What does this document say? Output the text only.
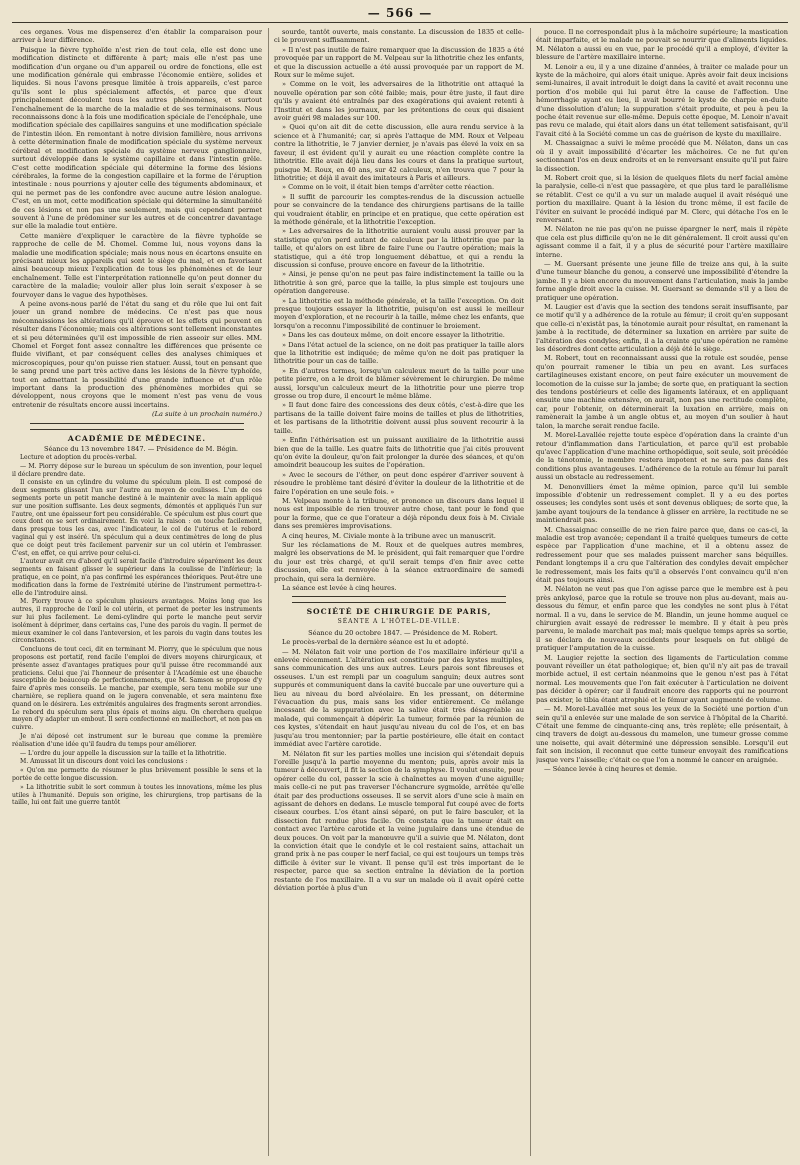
— 566 —

ces organes. Vous me dispenserez d'en établir la comparaison pour arriver à leur différence.

Puisque la fièvre typhoïde n'est rien de tout cela, elle est donc une modification distincte et différente à part; mais elle n'est pas une modification d'un organe ou d'un appareil ou ordre de fonctions, elle est une modification générale qui embrasse l'économie entière, solides et liquides. Si nous l'avons presque limitée à trois appareils, c'est parce qu'ils sont le plus spécialement affectés, et parce que d'eux principalement découlent tous les autres phénomènes, et surtout l'enchaînement de la marche de la maladie et de ses terminaisons. Nous reconnaissons donc à la fois une modification spéciale de l'encéphale, une modification spéciale des capillaires sanguins et une modification spéciale de l'intestin iléon. En remontant à notre division familière, nous arrivons à cette détermination finale de modification spéciale du système nerveux cérébral et modification spéciale du système nerveux ganglionnaire, surtout développée dans le système capillaire et dans l'intestin grêle. C'est cette modification spéciale qui détermine la forme des lésions cérébrales, la forme de la congestion capillaire et la forme de l'éruption intestinale : nous pourrions y ajouter celle des téguments abdominaux, et qui ne permet pas de les confondre avec aucune autre lésion analogue. C'est, en un mot, cette modification spéciale qui détermine la simultanéité de ces lésions et non pas une seulement, mais qui cependant permet souvent à l'une de prédominer sur les autres et de concentrer davantage sur elle la maladie tout entière.

Cette manière d'expliquer le caractère de la fièvre typhoïde se rapproche de celle de M. Chomel. Comme lui, nous voyons dans la maladie une modification spéciale; mais nous nous en écartons ensuite en précisant mieux les appareils qui sont le siège du mal, et en favorisant ainsi beaucoup mieux l'explication de tous les phénomènes et de leur enchaînement. Telle est l'interprétation rationnelle qu'on peut donner du caractère de la maladie; vouloir aller plus loin serait s'exposer à se fourvoyer dans le vague des hypothèses.

A peine avons-nous parlé de l'état du sang et du rôle que lui ont fait jouer un grand nombre de médecins. Ce n'est pas que nous méconnaissions les altérations qu'il éprouve et les effets qui peuvent en résulter dans l'économie; mais ces altérations sont tellement inconstantes et si peu déterminées qu'il est impossible de rien asseoir sur elles. MM. Chomel et Forget font assez connaître les différences que présente ce fluide vivifiant, et par conséquent celles des analyses chimiques et microscopiques, pour qu'on puisse rien statuer. Aussi, tout en pensant que le sang prend une part très active dans les lésions de la fièvre typhoïde, tout en admettant la possibilité d'une grande influence et d'un rôle important dans la production des phénomènes morbides qui se développent, nous croyons que le moment n'est pas venu de vous entretenir de résultats encore aussi incertains.

(La suite à un prochain numéro.)

ACADÉMIE DE MÉDECINE.

Séance du 13 novembre 1847. — Présidence de M. Bégin.

Lecture et adoption du procès-verbal.

— M. Piorry dépose sur le bureau un spéculum de son invention, pour lequel il déclare prendre date.

Il consiste en un cylindre du volume du spéculum plein. Il est composé de deux segments glissant l'un sur l'autre au moyen de coulisses. L'un de ces segments porte un petit manche destiné à le maintenir avec la main appliqué sur une position suffisante. Les deux segments, démontés et appliqués l'un sur l'autre, ont une épaisseur fort peu considérable. Ce spéculum est plus court que ceux dont on se sert ordinairement. En voici la raison : on touche facilement, dans presque tous les cas, avec l'indicateur, le col de l'utérus et le rebord vaginal qui y est inséré. Un spéculum qui a deux centimètres de long de plus que ce doigt peut très facilement parvenir sur un col utérin et l'embrasser. C'est, en effet, ce qui arrive pour celui-ci.

L'auteur avait cru d'abord qu'il serait facile d'introduire séparément les deux segments en faisant glisser le supérieur dans la coulisse de l'inférieur; la pratique, en ce point, n'a pas confirmé les espérances théoriques. Peut-être une modification dans la forme de l'extrémité utérine de l'instrument permettra-t-elle de l'introduire ainsi.

M. Piorry trouve à ce spéculum plusieurs avantages. Moins long que les autres, il rapproche de l'œil le col utérin, et permet de porter les instruments sur lui plus facilement. Le demi-cylindre qui porte le manche peut servir isolément à déprimer, dans certains cas, l'une des parois du vagin. Il permet de mieux examiner le col dans l'anteversion, et les parois du vagin dans toutes les circonstances.

Concluons de tout ceci, dit en terminant M. Piorry, que le spéculum que nous proposons est portatif, rend facile l'emploi de divers moyens chirurgicaux, et présente assez d'avantages pratiques pour qu'il puisse être recommandé aux praticiens. Celui que j'ai l'honneur de présenter à l'Académie est une ébauche susceptible de beaucoup de perfectionnements, que M. Samson se propose d'y faire d'après mes conseils. Le manche, par exemple, sera tenu mobile sur une charnière, se repliera quand on le jugera convenable, et sera maintenu fixe quand on le désirera. Les extrémités angulaires des fragments seront arrondies. Le rebord du spéculum sera plus épais et moins aigu. On cherchera quelque moyen d'y adapter un embout. Il sera confectionné en maillechort, et non pas en cuivre.

Je n'ai déposé cet instrument sur le bureau que comme la première réalisation d'une idée qu'il faudra du temps pour améliorer.

— L'ordre du jour appelle la discussion sur la taille et la lithotritie.

M. Amussat lit un discours dont voici les conclusions :

« Qu'on me permette de résumer le plus brièvement possible le sens et la portée de cette longue discussion.

» La lithotritie subit le sort commun à toutes les innovations, même les plus utiles à l'humanité. Depuis son origine, les chirurgiens, trop partisans de la taille, lui ont fait une guerre tantôt

sourde, tantôt ouverte, mais constante. La discussion de 1835 et celle-ci le prouvent suffisamment.

» Il n'est pas inutile de faire remarquer que la discussion de 1835 a été provoquée par un rapport de M. Velpeau sur la lithotritie chez les enfants, et que la discussion actuelle a été aussi provoquée par un rapport de M. Roux sur le même sujet.

» Comme on le voit, les adversaires de la lithotritie ont attaqué la nouvelle opération par son côté faible; mais, pour être juste, il faut dire qu'ils y avaient été entraînés par des exagérations qui avaient retenti à l'Institut et dans les journaux, par les prétentions de ceux qui disaient avoir guéri 98 malades sur 100.

» Quoi qu'on ait dit de cette discussion, elle aura rendu service à la science et à l'humanité; car, si après l'attaque de MM. Roux et Velpeau contre la lithotritie, le 7 janvier dernier, je n'avais pas élevé la voix en sa faveur, il est évident qu'il y aurait eu une réaction complète contre la lithotritie. Elle avait déjà lieu dans les cours et dans la pratique surtout, puisque M. Roux, en 40 ans, sur 42 calculeux, n'en trouva que 7 pour la lithotritie; et déjà il avait des imitateurs à Paris et ailleurs.

» Comme on le voit, il était bien temps d'arrêter cette réaction.

» Il suffit de parcourir les comptes-rendus de la discussion actuelle pour se convaincre de la tendance des chirurgiens partisans de la taille qui voudraient établir, en principe et en pratique, que cette opération est la méthode générale, et la lithotritie l'exception.

» Les adversaires de la lithotritie auraient voulu aussi prouver par la statistique qu'on perd autant de calculeux par la lithotritie que par la taille, et qu'alors on est libre de faire l'une ou l'autre opération; mais la statistique, qui a été trop longuement débattue, et qui a rendu la discussion si confuse, prouve encore en faveur de la lithotritie.

» Ainsi, je pense qu'on ne peut pas faire indistinctement la taille ou la lithotritie à son gré, parce que la taille, la plus simple est toujours une opération dangereuse.

» La lithotritie est la méthode générale, et la taille l'exception. On doit presque toujours essayer la lithotritie, puisqu'on est aussi le meilleur moyen d'exploration, et ne recourir à la taille, même chez les enfants, que lorsqu'on a reconnu l'impossibilité de continuer le broiement.

» Dans les cas douteux même, on doit encore essayer la lithotritie.

» Dans l'état actuel de la science, on ne doit pas pratiquer la taille alors que la lithotritie est indiquée; de même qu'on ne doit pas pratiquer la lithotritie pour un cas de taille.

» En d'autres termes, lorsqu'un calculeux meurt de la taille pour une petite pierre, on a le droit de blâmer sévèrement le chirurgien. De même aussi, lorsqu'un calculeux meurt de la lithotritie pour une pierre trop grosse ou trop dure, il encourt le même blâme.

» Il faut donc faire des concessions des deux côtés, c'est-à-dire que les partisans de la taille doivent faire moins de tailles et plus de lithotrities, et les partisans de la lithotritie doivent aussi plus souvent recourir à la taille.

» Enfin l'éthérisation est un puissant auxiliaire de la lithotritie aussi bien que de la taille. Les quatre faits de lithotritie que j'ai cités prouvent qu'on évite la douleur, qu'on fait prolonger la durée des séances, et qu'on amoindrit beaucoup les suites de l'opération.

» Avec le secours de l'éther, on peut donc espérer d'arriver souvent à résoudre le problème tant désiré d'éviter la douleur de la lithotritie et de faire l'opération en une seule fois. »

M. Velpeau monte à la tribune, et prononce un discours dans lequel il nous est impossible de rien trouver autre chose, tant pour le fond que pour la forme, que ce que l'orateur a déjà répondu deux fois à M. Civiale dans ses premières improvisations.

A cinq heures, M. Civiale monte à la tribune avec un manuscrit.

Sur les réclamations de M. Roux et de quelques autres membres, malgré les observations de M. le président, qui fait remarquer que l'ordre du jour est très chargé, et qu'il serait temps d'en finir avec cette discussion, elle est renvoyée à la séance extraordinaire de samedi prochain, qui sera la dernière.

La séance est levée à cinq heures.

SOCIÉTÉ DE CHIRURGIE DE PARIS,
SÉANTE A L'HÔTEL-DE-VILLE.

Séance du 20 octobre 1847. — Présidence de M. Robert.

Le procès-verbal de la dernière séance est lu et adopté.

— M. Nélaton fait voir une portion de l'os maxillaire inférieur qu'il a enlevée récemment. L'altération est constituée par des kystes multiples, sans communication des uns aux autres. Leurs parois sont fibreuses et osseuses. L'un est rempli par un coagulum sanguin; deux autres sont suppurés et communiquent dans la cavité buccale par une ouverture qui a lieu au niveau du bord alvéolaire. En les pressant, on détermine l'évacuation du pus, mais sans les vider entièrement. Ce mélange incessant de la suppuration avec la salive était très désagréable au malade, qui commençait à dépérir. La tumeur, formée par la réunion de ces kystes, s'étendait en haut jusqu'au niveau du col de l'os, et en bas jusqu'au trou mentonnier; par la partie postérieure, elle était en contact immédiat avec l'artère carotide.

M. Nélaton fit sur les parties molles une incision qui s'étendait depuis l'oreille jusqu'à la partie moyenne du menton; puis, après avoir mis la tumeur à découvert, il fit la section de la symphyse. Il voulut ensuite, pour opérer celle du col, passer la scie à chaînettes au moyen d'une aiguille; mais celle-ci ne put pas traverser l'échancrure sygmoïde, arrêtée qu'elle était par des productions osseuses. Il se servit alors d'une scie à main en agissant de dehors en dedans. Le muscle temporal fut coupé avec de forts ciseaux courbes. L'os étant ainsi séparé, on put le faire basculer, et la dissection fut rendue plus facile. On constata que la tumeur était en contact avec l'artère carotide et la veine jugulaire dans une étendue de deux pouces. On voit par la manœuvre qu'il a suivie que M. Nélaton, dont la conviction était que le condyle et le col restaient sains, attachait un grand prix à ne pas couper le nerf facial, ce qui est toujours un temps très difficile à éviter sur le vivant. Il pense qu'il est très important de le respecter, parce que sa section entraîne la déviation de la portion restante de l'os maxillaire. Il a vu sur un malade où il avait opéré cette déviation portée à plus d'un

pouce. Il ne correspondait plus à la mâchoire supérieure; la mastication était imparfaite, et le malade ne pouvait se nourrir que d'aliments liquides. M. Nélaton a aussi eu en vue, par le procédé qu'il a employé, d'éviter la blessure de l'artère maxillaire interne.

M. Lenoir a eu, il y a une dizaine d'années, à traiter ce malade pour un kyste de la mâchoire, qui alors était unique. Après avoir fait deux incisions semi-lunaires, il avait introduit le doigt dans la cavité et avait reconnu une portion d'os mobile qui lui parut être la cause de l'affection. Une hémorrhagie ayant eu lieu, il avait bourré le kyste de charpie en-duite d'une dissolution d'alun; la suppuration s'était produite, et peu à peu la poche était revenue sur elle-même. Depuis cette époque, M. Lenoir n'avait pas revu ce malade, qui était alors dans un état tellement satisfaisant, qu'il l'avait cité à la Société comme un cas de guérison de kyste du maxillaire.

M. Chassaignac a suivi le même procédé que M. Nélaton, dans un cas où il y avait impossibilité d'écarter les mâchoires. Ce ne fut qu'en sectionnant l'os en deux endroits et en le renversant ensuite qu'il put faire la dissection.

M. Robert croit que, si la lésion de quelques filets du nerf facial amène la paralysie, celle-ci n'est que passagère, et que plus tard le parallélisme se rétablit. C'est ce qu'il a vu sur un malade auquel il avait réséqué une portion du maxillaire. Quant à la lésion du tronc même, il est facile de l'éviter en suivant le procédé indiqué par M. Clerc, qui détache l'os en le renversant.

M. Nélaton ne nie pas qu'on ne puisse épargner le nerf, mais il répète que cela est plus difficile qu'on ne le dit généralement. Il croit aussi qu'en agissant comme il a fait, il y a plus de sécurité pour l'artère maxillaire interne.

— M. Guersant présente une jeune fille de treize ans qui, à la suite d'une tumeur blanche du genou, a conservé une impossibilité d'étendre la jambe. Il y a bien encore du mouvement dans l'articulation, mais la jambe forme angle droit avec la cuisse. M. Guersant se demande s'il y a lieu de pratiquer une opération.

M. Laugier est d'avis que la section des tendons serait insuffisante, par ce motif qu'il y a adhérence de la rotule au fémur; il croit qu'en supposant que celle-ci n'existât pas, la ténotomie aurait pour résultat, en ramenant la jambe à la rectitude, de déterminer sa luxation en arrière par suite de l'altération des condyles; enfin, il a la crainte qu'une opération ne ramène les désordres dont cette articulation a déjà été le siège.

M. Robert, tout en reconnaissant aussi que la rotule est soudée, pense qu'on pourrait ramener le tibia un peu en avant. Les surfaces cartilagineuses existant encore, on peut faire exécuter un mouvement de locomotion de la cuisse sur la jambe; de sorte que, en pratiquant la section des tendons postérieurs et celle des ligaments latéraux, et en appliquant ensuite une machine extensive, on aurait, non pas une rectitude complète, car, pour l'obtenir, on déterminerait la luxation en arrière, mais on ramènerait la jambe à un angle obtus et, au moyen d'un soulier à haut talon, la marche serait rendue facile.

M. Morel-Lavallée rejette toute espèce d'opération dans la crainte d'un retour d'inflammation dans l'articulation, et parce qu'il est probable qu'avec l'application d'une machine orthopédique, soit seule, soit précédée de la ténotomie, le membre restera impotent et ne sera pas dans des conditions plus avantageuses. L'adhérence de la rotule au fémur lui paraît aussi un obstacle au redressement.

M. Denonvilliers émet la même opinion, parce qu'il lui semble impossible d'obtenir un redressement complet. Il y a eu des portes osseuses; les condyles sont usés et sont devenus obliques; de sorte que, la jambe ayant toujours de la tendance à glisser en arrière, la rectitude ne se maintiendrait pas.

M. Chassaignac conseille de ne rien faire parce que, dans ce cas-ci, la maladie est trop avancée; cependant il a traité quelques tumeurs de cette espèce par l'application d'une machine, et il a obtenu assez de redressement pour que ses malades puissent marcher sans béquilles. Pendant longtemps il a cru que l'altération des condyles devait empêcher le redressement, mais les faits qu'il a observés l'ont convaincu qu'il n'en était pas toujours ainsi.

M. Nélaton ne veut pas que l'on agisse parce que le membre est à peu près ankylosé, parce que la rotule se trouve non plus au-devant, mais au-dessous du fémur, et enfin parce que les condyles ne sont plus à l'état normal. Il a vu, dans le service de M. Blandin, un jeune homme auquel ce chirurgien avait essayé de redresser le membre. Il y était à peu près parvenu, le malade marchait pas mal; mais quelque temps après sa sortie, il se déclara de nouveaux accidents pour lesquels on fut obligé de pratiquer l'amputation de la cuisse.

M. Laugier rejette la section des ligaments de l'articulation comme pouvant réveiller un état pathologique; et, bien qu'il n'y ait pas de travail morbide actuel, il est certain néanmoins que le genou n'est pas à l'état normal. Les mouvements que l'on fait exécuter à l'articulation ne doivent pas décider à opérer; car il faudrait encore des rapports qui ne pourront pas exister, le tibia étant atrophié et le fémur ayant augmenté de volume.

— M. Morel-Lavallée met sous les yeux de la Société une portion d'un sein qu'il a enlevée sur une malade de son service à l'hôpital de la Charité. C'était une femme de cinquante-cinq ans, très replète; elle présentait, à cinq travers de doigt au-dessous du mamelon, une tumeur grosse comme une noisette, qui avait déterminé une dépression sensible. Lorsqu'il eut fait son incision, il reconnut que cette tumeur envoyait des ramifications jusque vers l'aisselle; c'était ce que l'on a nommé le cancer en araignée.

— Séance levée à cinq heures et demie.
